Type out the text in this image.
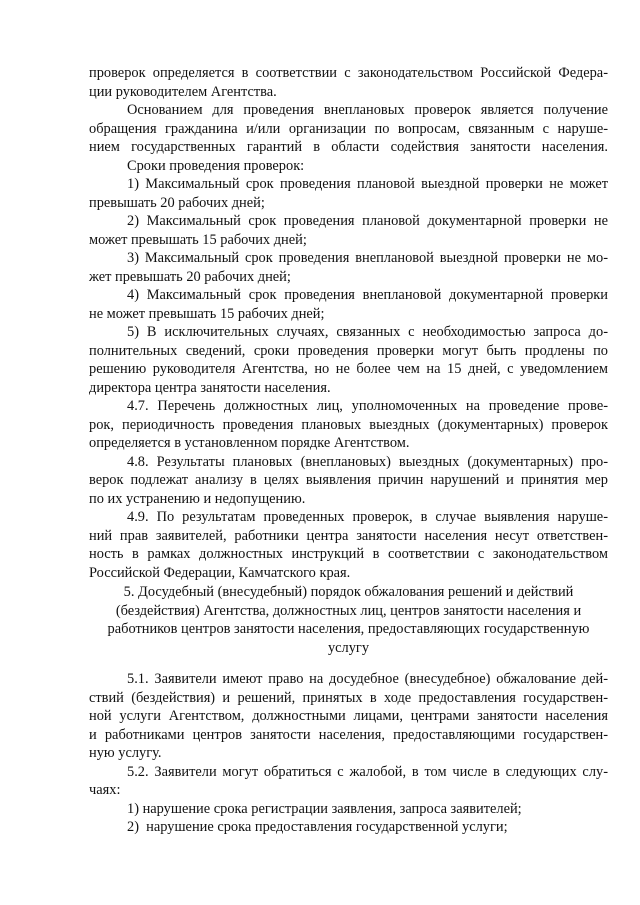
проверок определяется в соответствии с законодательством Российской Федера-
ции руководителем Агентства.
Основанием для проведения внеплановых проверок является получение
обращения гражданина и/или организации по вопросам, связанным с наруше-
нием государственных гарантий в области содействия занятости населения.
Сроки проведения проверок:
1) Максимальный срок проведения плановой выездной проверки не может
превышать 20 рабочих дней;
2) Максимальный срок проведения плановой документарной проверки не
может превышать 15 рабочих дней;
3) Максимальный срок проведения внеплановой выездной проверки не мо-
жет превышать 20 рабочих дней;
4) Максимальный срок проведения внеплановой документарной проверки
не может превышать 15 рабочих дней;
5) В исключительных случаях, связанных с необходимостью запроса до-
полнительных сведений, сроки проведения проверки могут быть продлены по
решению руководителя Агентства, но не более чем на 15 дней, с уведомлением
директора центра занятости населения.
4.7. Перечень должностных лиц, уполномоченных на проведение прове-
рок, периодичность проведения плановых выездных (документарных) проверок
определяется в установленном порядке Агентством.
4.8. Результаты плановых (внеплановых) выездных (документарных) про-
верок подлежат анализу в целях выявления причин нарушений и принятия мер
по их устранению и недопущению.
4.9. По результатам проведенных проверок, в случае выявления наруше-
ний прав заявителей, работники центра занятости населения несут ответствен-
ность в рамках должностных инструкций в соответствии с законодательством
Российской Федерации, Камчатского края.
5. Досудебный (внесудебный) порядок обжалования решений и действий
(бездействия) Агентства, должностных лиц, центров занятости населения и
работников центров занятости населения, предоставляющих государственную
услугу
5.1. Заявители имеют право на досудебное (внесудебное) обжалование дей-
ствий (бездействия) и решений, принятых в ходе предоставления государствен-
ной услуги Агентством, должностными лицами, центрами занятости населения
и работниками центров занятости населения, предоставляющими государствен-
ную услугу.
5.2. Заявители могут обратиться с жалобой, в том числе в следующих слу-
чаях:
1) нарушение срока регистрации заявления, запроса заявителей;
2)  нарушение срока предоставления государственной услуги;
